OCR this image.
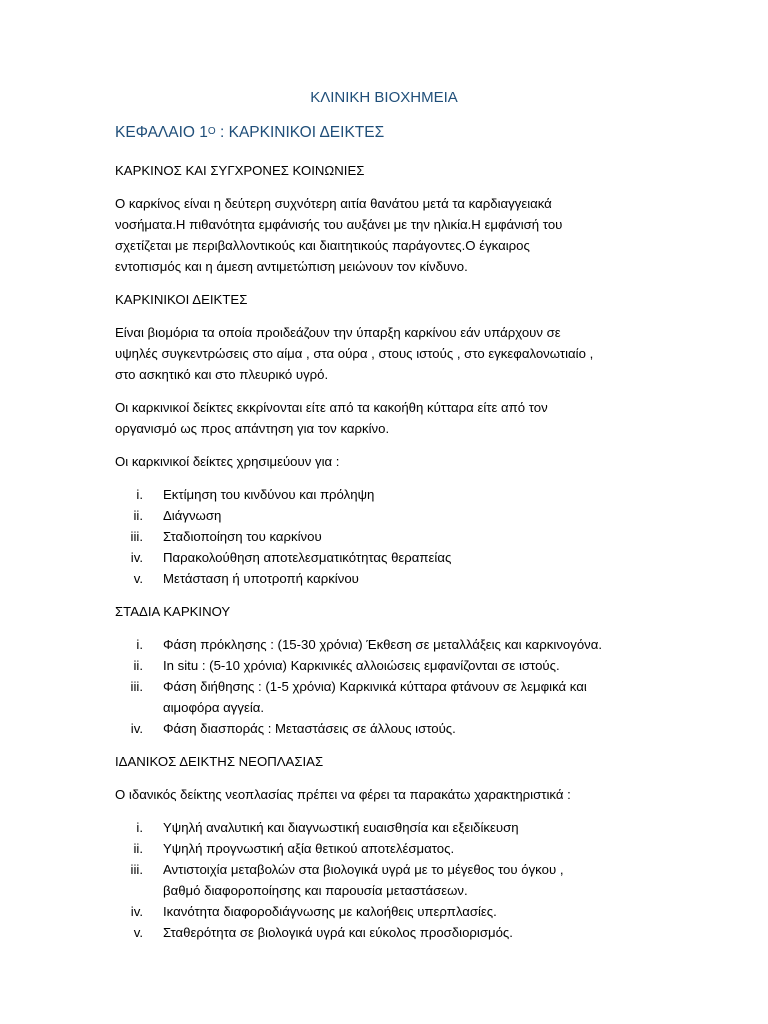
ΚΛΙΝΙΚΗ ΒΙΟΧΗΜΕΙΑ
ΚΕΦΑΛΑΙΟ $1^O$ : ΚΑΡΚΙΝΙΚΟΙ ΔΕΙΚΤΕΣ

ΚΑΡΚΙΝΟΣ ΚΑΙ ΣΥΓΧΡΟΝΕΣ ΚΟΙΝΩΝΙΕΣ

Ο καρκίνος είναι η δεύτερη συχνότερη αιτία θανάτου μετά τα καρδιαγγειακά

νοσήματα.Η πιθανότητα εμφάνισής του αυξάνει με την ηλικία.Η εμφάνισή του

σχετίζεται με περιβαλλοντικούς και διαιτητικούς παράγοντες.Ο έγκαιρος

εντοπισμός και η άμεση αντιμετώπιση μειώνουν τον κίνδυνο.

ΚΑΡΚΙΝΙΚΟΙ ΔΕΙΚΤΕΣ

Είναι βιομόρια τα οποία προιδεάζουν την ύπαρξη καρκίνου εάν υπάρχουν σε

υψηλές συγκεντρώσεις στο αίμα , στα ούρα , στους ιστούς , στο εγκεφαλονωτιαίο ,

στο ασκητικό και στο πλευρικό υγρό.

Οι καρκινικοί δείκτες εκκρίνονται είτε από τα κακοήθη κύτταρα είτε από τον

οργανισμό ως προς απάντηση για τον καρκίνο.

Οι καρκινικοί δείκτες χρησιμεύουν για :

i. Εκτίμηση του κινδύνου και πρόληψη
ii. Διάγνωση
iii. Σταδιοποίηση του καρκίνου
iv. Παρακολούθηση αποτελεσματικότητας θεραπείας
v. Μετάσταση ή υποτροπή καρκίνου

ΣΤΑΔΙΑ ΚΑΡΚΙΝΟΥ

i. Φάση πρόκλησης : (15-30 χρόνια) Έκθεση σε μεταλλάξεις και καρκινογόνα.
ii. In situ : (5-10 χρόνια) Καρκινικές αλλοιώσεις εμφανίζονται σε ιστούς.
iii. Φάση διήθησης : (1-5 χρόνια) Καρκινικά κύτταρα φτάνουν σε λεμφικά και
αιμοφόρα αγγεία.
iv. Φάση διασποράς : Μεταστάσεις σε άλλους ιστούς.

ΙΔΑΝΙΚΟΣ ΔΕΙΚΤΗΣ ΝΕΟΠΛΑΣΙΑΣ

Ο ιδανικός δείκτης νεοπλασίας πρέπει να φέρει τα παρακάτω χαρακτηριστικά :

i. Υψηλή αναλυτική και διαγνωστική ευαισθησία και εξειδίκευση
ii. Υψηλή προγνωστική αξία θετικού αποτελέσματος.
iii. Αντιστοιχία μεταβολών στα βιολογικά υγρά με το μέγεθος του όγκου ,
βαθμό διαφοροποίησης και παρουσία μεταστάσεων.
iv. Ικανότητα διαφοροδιάγνωσης με καλοήθεις υπερπλασίες.
v. Σταθερότητα σε βιολογικά υγρά και εύκολος προσδιορισμός.
